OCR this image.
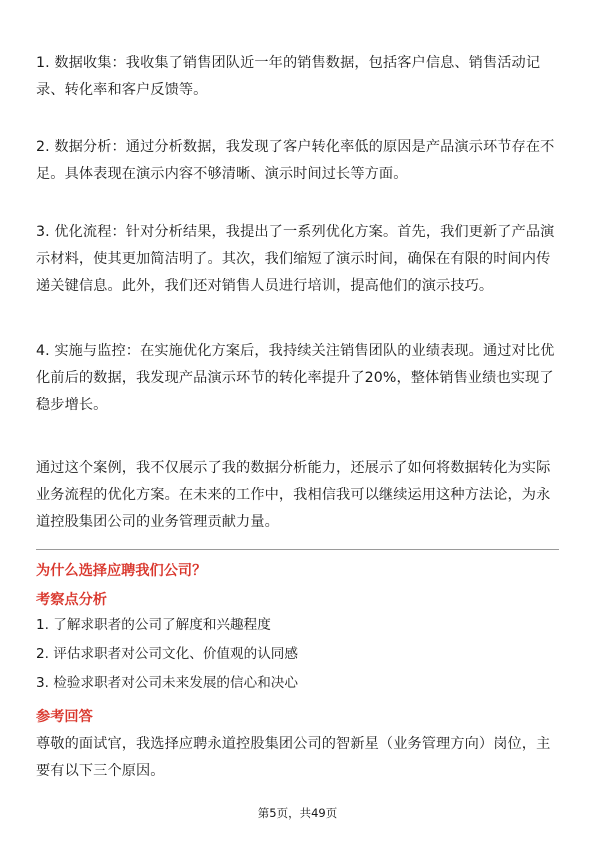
1. 数据收集：我收集了销售团队近一年的销售数据，包括客户信息、销售活动记录、转化率和客户反馈等。

2. 数据分析：通过分析数据，我发现了客户转化率低的原因是产品演示环节存在不足。具体表现在演示内容不够清晰、演示时间过长等方面。

3. 优化流程：针对分析结果，我提出了一系列优化方案。首先，我们更新了产品演示材料，使其更加简洁明了。其次，我们缩短了演示时间，确保在有限的时间内传递关键信息。此外，我们还对销售人员进行培训，提高他们的演示技巧。

4. 实施与监控：在实施优化方案后，我持续关注销售团队的业绩表现。通过对比优化前后的数据，我发现产品演示环节的转化率提升了20%，整体销售业绩也实现了稳步增长。

通过这个案例，我不仅展示了我的数据分析能力，还展示了如何将数据转化为实际业务流程的优化方案。在未来的工作中，我相信我可以继续运用这种方法论，为永道控股集团公司的业务管理贡献力量。

为什么选择应聘我们公司？

考察点分析

1. 了解求职者的公司了解度和兴趣程度

2. 评估求职者对公司文化、价值观的认同感

3. 检验求职者对公司未来发展的信心和决心

参考回答

尊敬的面试官，我选择应聘永道控股集团公司的智新星（业务管理方向）岗位，主要有以下三个原因。

第5页，共49页
